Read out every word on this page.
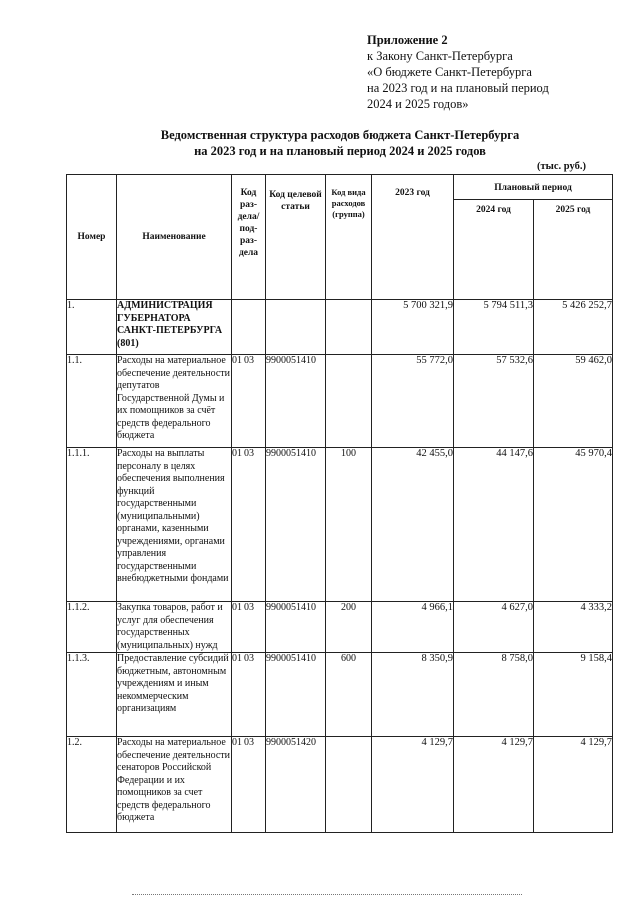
Приложение 2
к Закону Санкт-Петербурга
«О бюджете Санкт-Петербурга
на 2023 год и на плановый период
2024 и 2025 годов»
Ведомственная структура расходов бюджета Санкт-Петербурга
на 2023 год и на плановый период 2024 и 2025 годов
(тыс. руб.)
Номер	Наименование	Код раз-дела/ под-раз-дела	Код целевой статьи	Код вида расходов (группа)	2023 год	Плановый период	
						2024 год	2025 год
1.	АДМИНИСТРАЦИЯ ГУБЕРНАТОРА САНКТ-ПЕТЕРБУРГА (801)				5 700 321,9	5 794 511,3	5 426 252,7
1.1.	Расходы на материальное обеспечение деятельности депутатов Государственной Думы и их помощников за счёт средств федерального бюджета	01 03	9900051410		55 772,0	57 532,6	59 462,0
1.1.1.	Расходы на выплаты персоналу в целях обеспечения выполнения функций государственными (муниципальными) органами, казенными учреждениями, органами управления государственными внебюджетными фондами	01 03	9900051410	100	42 455,0	44 147,6	45 970,4
1.1.2.	Закупка товаров, работ и услуг для обеспечения государственных (муниципальных) нужд	01 03	9900051410	200	4 966,1	4 627,0	4 333,2
1.1.3.	Предоставление субсидий бюджетным, автономным учреждениям и иным некоммерческим организациям	01 03	9900051410	600	8 350,9	8 758,0	9 158,4
1.2.	Расходы на материальное обеспечение деятельности сенаторов Российской Федерации и их помощников за счет средств федерального бюджета	01 03	9900051420		4 129,7	4 129,7	4 129,7
